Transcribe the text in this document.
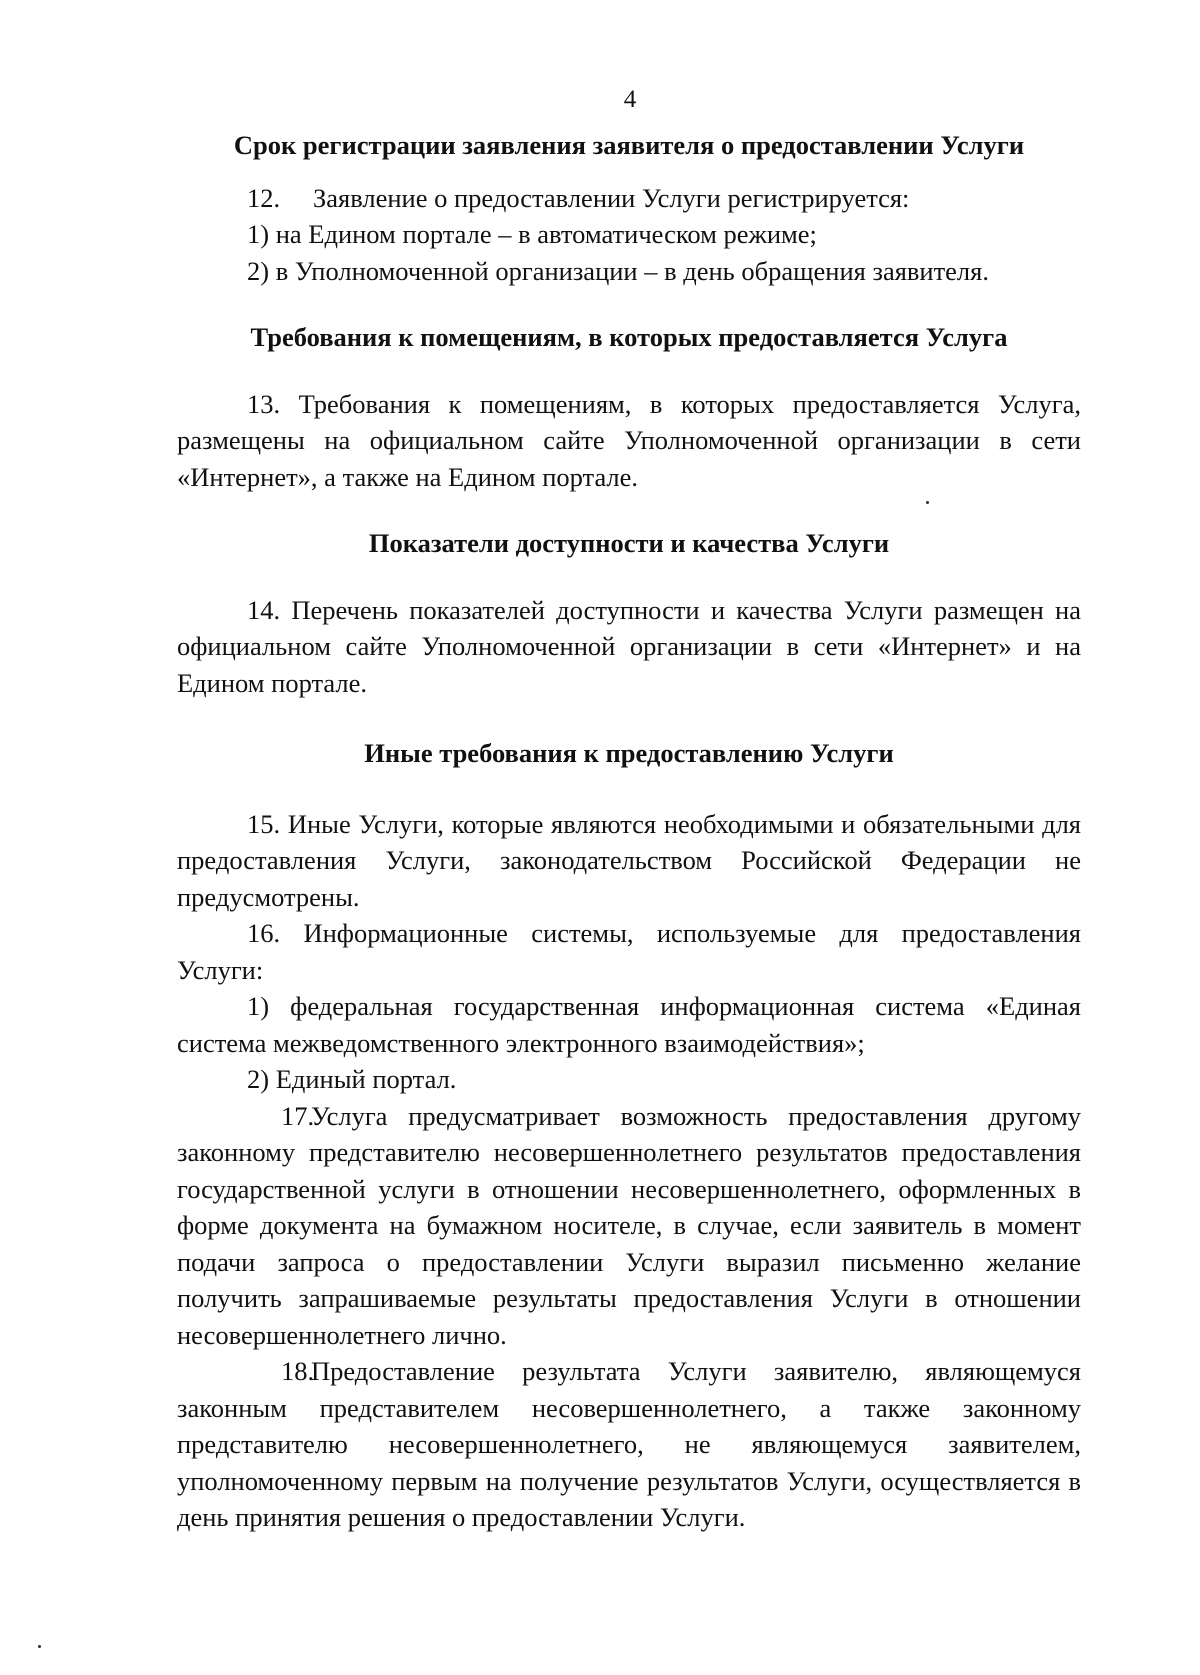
4

Срок регистрации заявления заявителя о предоставлении Услуги

12. Заявление о предоставлении Услуги регистрируется:

1) на Едином портале – в автоматическом режиме;

2) в Уполномоченной организации – в день обращения заявителя.

Требования к помещениям, в которых предоставляется Услуга

13. Требования к помещениям, в которых предоставляется Услуга, размещены на официальном сайте Уполномоченной организации в сети «Интернет», а также на Едином портале.

Показатели доступности и качества Услуги

14. Перечень показателей доступности и качества Услуги размещен на официальном сайте Уполномоченной организации в сети «Интернет» и на Едином портале.

Иные требования к предоставлению Услуги

15. Иные Услуги, которые являются необходимыми и обязательными для предоставления Услуги, законодательством Российской Федерации не предусмотрены.

16. Информационные системы, используемые для предоставления Услуги:

1) федеральная государственная информационная система «Единая система межведомственного электронного взаимодействия»;

2) Единый портал.

17.Услуга предусматривает возможность предоставления другому законному представителю несовершеннолетнего результатов предоставления государственной услуги в отношении несовершеннолетнего, оформленных в форме документа на бумажном носителе, в случае, если заявитель в момент подачи запроса о предоставлении Услуги выразил письменно желание получить запрашиваемые результаты предоставления Услуги в отношении несовершеннолетнего лично.

18.Предоставление результата Услуги заявителю, являющемуся законным представителем несовершеннолетнего, а также законному представителю несовершеннолетнего, не являющемуся заявителем, уполномоченному первым на получение результатов Услуги, осуществляется в день принятия решения о предоставлении Услуги.
